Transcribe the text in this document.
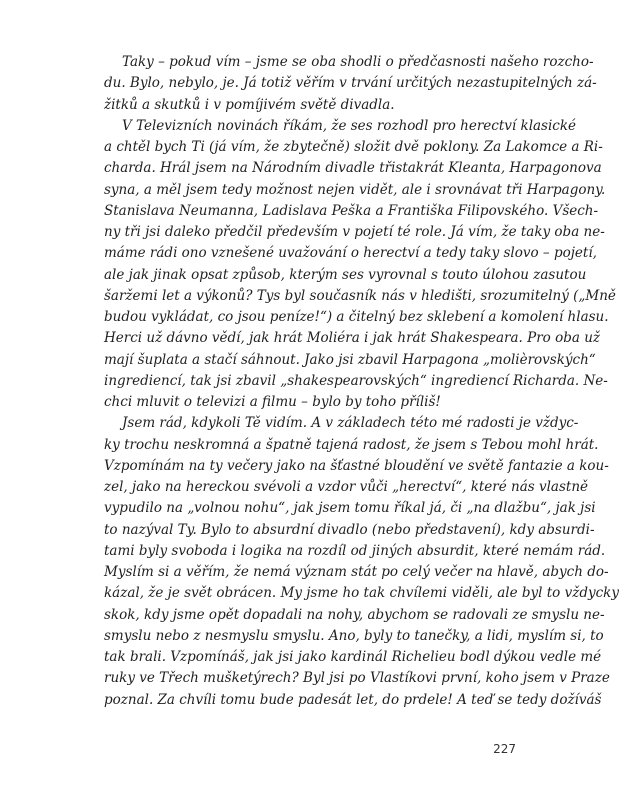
Taky – pokud vím – jsme se oba shodli o předčasnosti našeho rozcho-
du. Bylo, nebylo, je. Já totiž věřím v trvání určitých nezastupitelných zá-
žitků a skutků i v pomíjivém světě divadla.
V Televizních novinách říkám, že ses rozhodl pro herectví klasické
a chtěl bych Ti (já vím, že zbytečně) složit dvě poklony. Za Lakomce a Ri-
charda. Hrál jsem na Národním divadle třistakrát Kleanta, Harpagonova
syna, a měl jsem tedy možnost nejen vidět, ale i srovnávat tři Harpagony.
Stanislava Neumanna, Ladislava Peška a Františka Filipovského. Všech-
ny tři jsi daleko předčil především v pojetí té role. Já vím, že taky oba ne-
máme rádi ono vznešené uvažování o herectví a tedy taky slovo – pojetí,
ale jak jinak opsat způsob, kterým ses vyrovnal s touto úlohou zasutou
šaržemi let a výkonů? Tys byl současník nás v hledišti, srozumitelný („Mně
budou vykládat, co jsou peníze!“) a čitelný bez sklebení a komolení hlasu.
Herci už dávno vědí, jak hrát Moliéra i jak hrát Shakespeara. Pro oba už
mají šuplata a stačí sáhnout. Jako jsi zbavil Harpagona „molièrovských“
ingrediencí, tak jsi zbavil „shakespearovských“ ingrediencí Richarda. Ne-
chci mluvit o televizi a filmu – bylo by toho příliš!
Jsem rád, kdykoli Tě vidím. A v základech této mé radosti je vždyc-
ky trochu neskromná a špatně tajená radost, že jsem s Tebou mohl hrát.
Vzpomínám na ty večery jako na šťastné bloudění ve světě fantazie a kou-
zel, jako na hereckou svévoli a vzdor vůči „herectví“, které nás vlastně
vypudilo na „volnou nohu“, jak jsem tomu říkal já, či „na dlažbu“, jak jsi
to nazýval Ty. Bylo to absurdní divadlo (nebo představení), kdy absurdi-
tami byly svoboda i logika na rozdíl od jiných absurdit, které nemám rád.
Myslím si a věřím, že nemá význam stát po celý večer na hlavě, abych do-
kázal, že je svět obrácen. My jsme ho tak chvílemi viděli, ale byl to vždycky
skok, kdy jsme opět dopadali na nohy, abychom se radovali ze smyslu ne-
smyslu nebo z nesmyslu smyslu. Ano, byly to tanečky, a lidi, myslím si, to
tak brali. Vzpomínáš, jak jsi jako kardinál Richelieu bodl dýkou vedle mé
ruky ve Třech mušketýrech? Byl jsi po Vlastíkovi první, koho jsem v Praze
poznal. Za chvíli tomu bude padesát let, do prdele! A teď se tedy dožíváš
227
